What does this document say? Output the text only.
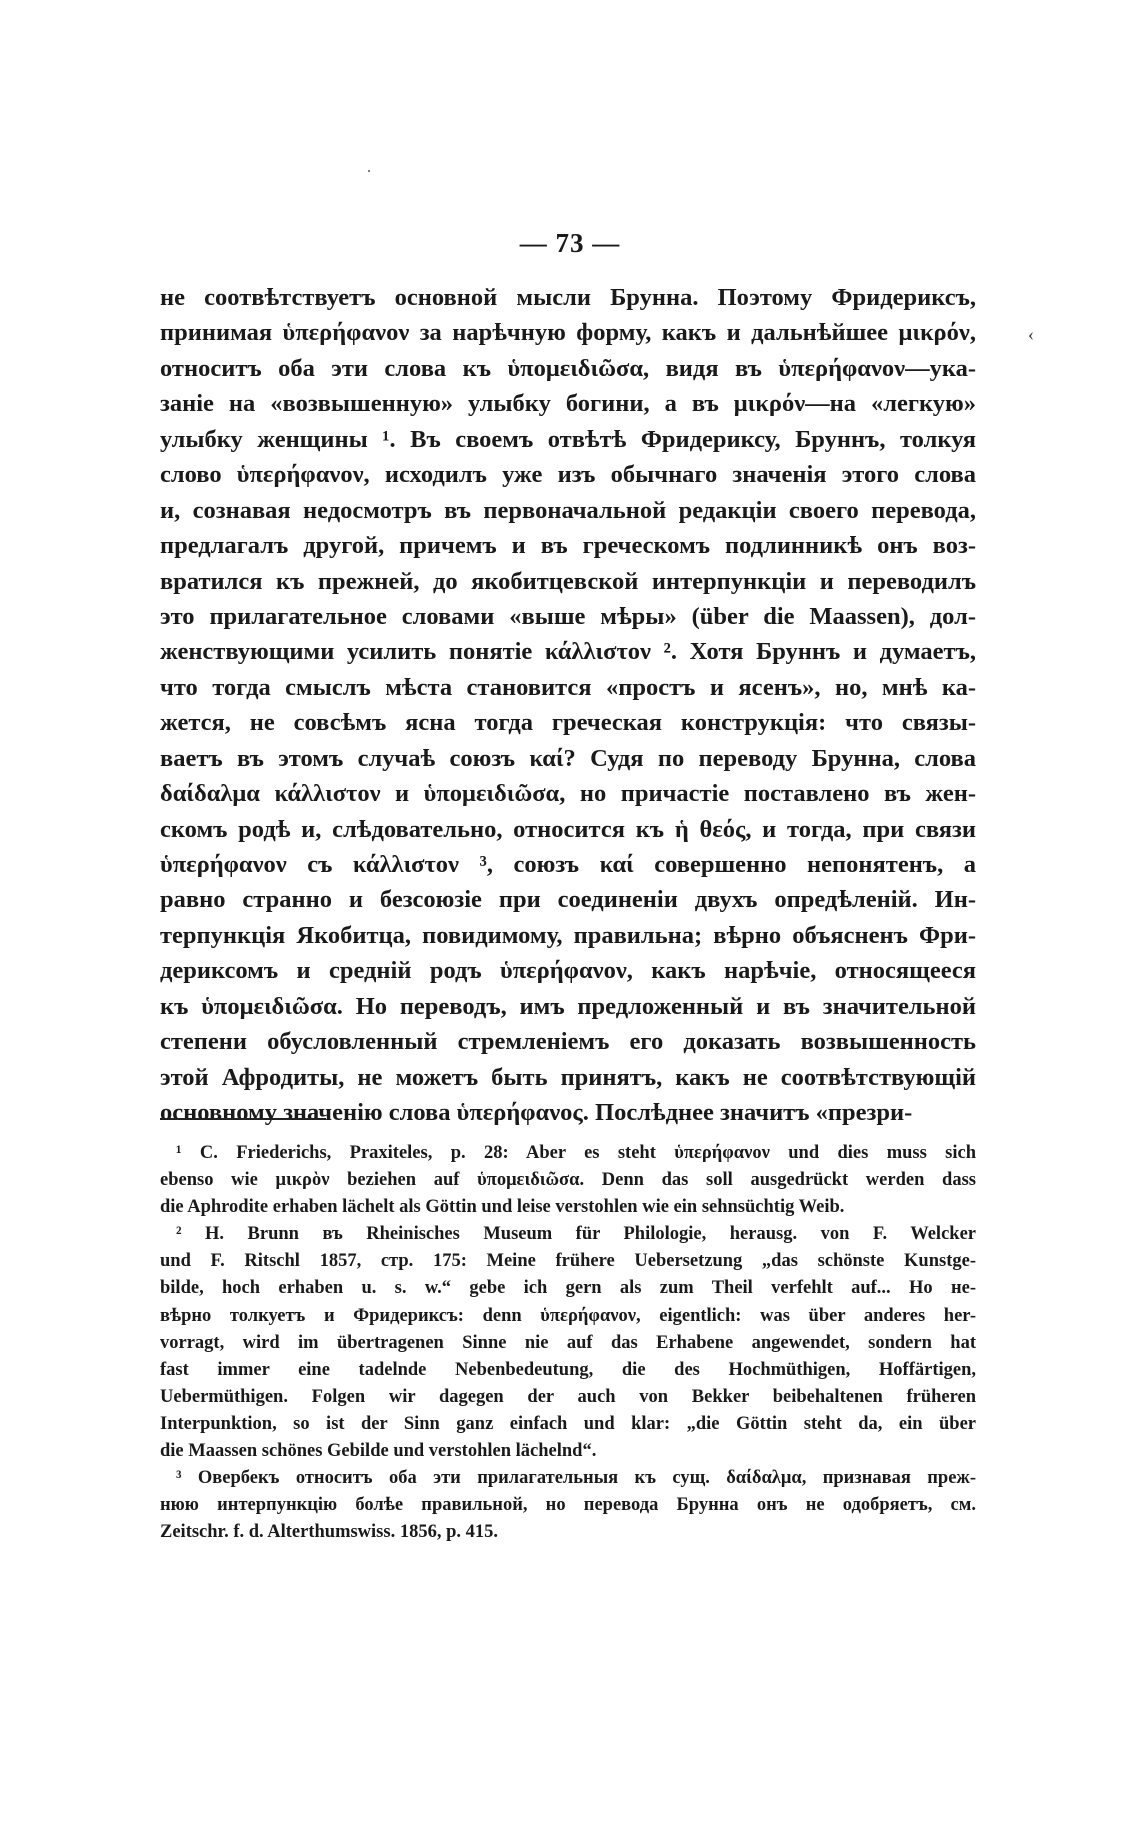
‹
— 73 —
не соотвѣтствуетъ основной мысли Брунна. Поэтому Фридериксъ,
принимая ὑπερήφανον за нарѣчную форму, какъ и дальнѣйшее μικρόν,
относитъ оба эти слова къ ὑπομειδιῶσα, видя въ ὑπερήφανον—ука-
заніе на «возвышенную» улыбку богини, а въ μικρόν—на «легкую»
улыбку женщины ¹. Въ своемъ отвѣтѣ Фридериксу, Бруннъ, толкуя
слово ὑπερήφανον, исходилъ уже изъ обычнаго значенія этого слова
и, сознавая недосмотръ въ первоначальной редакціи своего перевода,
предлагалъ другой, причемъ и въ греческомъ подлинникѣ онъ воз-
вратился къ прежней, до якобитцевской интерпункціи и переводилъ
это прилагательное словами «выше мѣры» (über die Maassen), дол-
женствующими усилить понятіе κάλλιστον ². Хотя Бруннъ и думаетъ,
что тогда смыслъ мѣста становится «простъ и ясенъ», но, мнѣ ка-
жется, не совсѣмъ ясна тогда греческая конструкція: что связы-
ваетъ въ этомъ случаѣ союзъ καί? Судя по переводу Брунна, слова
δαίδαλμα κάλλιστον и ὑπομειδιῶσα, но причастіе поставлено въ жен-
скомъ родѣ и, слѣдовательно, относится къ ἡ θεός, и тогда, при связи
ὑπερήφανον съ κάλλιστον ³, союзъ καί совершенно непонятенъ, а
равно странно и безсоюзіе при соединеніи двухъ опредѣленій. Ин-
терпункція Якобитца, повидимому, правильна; вѣрно объясненъ Фри-
дериксомъ и средній родъ ὑπερήφανον, какъ нарѣчіе, относящееся
къ ὑπομειδιῶσα. Но переводъ, имъ предложенный и въ значительной
степени обусловленный стремленіемъ его доказать возвышенность
этой Афродиты, не можетъ быть принятъ, какъ не соотвѣтствующій
основному значенію слова ὑπερήφανος. Послѣднее значитъ «презри-
¹ C. Friederichs, Praxiteles, p. 28: Aber es steht ὑπερήφανον und dies muss sich
ebenso wie μικρὸν beziehen auf ὑπομειδιῶσα. Denn das soll ausgedrückt werden dass
die Aphrodite erhaben lächelt als Göttin und leise verstohlen wie ein sehnsüchtig Weib.
² H. Brunn въ Rheinisches Museum für Philologie, herausg. von F. Welcker
und F. Ritschl 1857, стр. 175: Meine frühere Uebersetzung „das schönste Kunstge-
bilde, hoch erhaben u. s. w.“ gebe ich gern als zum Theil verfehlt auf... Но не-
вѣрно толкуетъ и Фридериксъ: denn ὑπερήφανον, eigentlich: was über anderes her-
vorragt, wird im übertragenen Sinne nie auf das Erhabene angewendet, sondern hat
fast immer eine tadelnde Nebenbedeutung, die des Hochmüthigen, Hoffärtigen,
Uebermüthigen. Folgen wir dagegen der auch von Bekker beibehaltenen früheren
Interpunktion, so ist der Sinn ganz einfach und klar: „die Göttin steht da, ein über
die Maassen schönes Gebilde und verstohlen lächelnd“.
³ Овербекъ относитъ оба эти прилагательныя къ сущ. δαίδαλμα, признавая преж-
нюю интерпункцію болѣе правильной, но перевода Брунна онъ не одобряетъ, см.
Zeitschr. f. d. Alterthumswiss. 1856, p. 415.
